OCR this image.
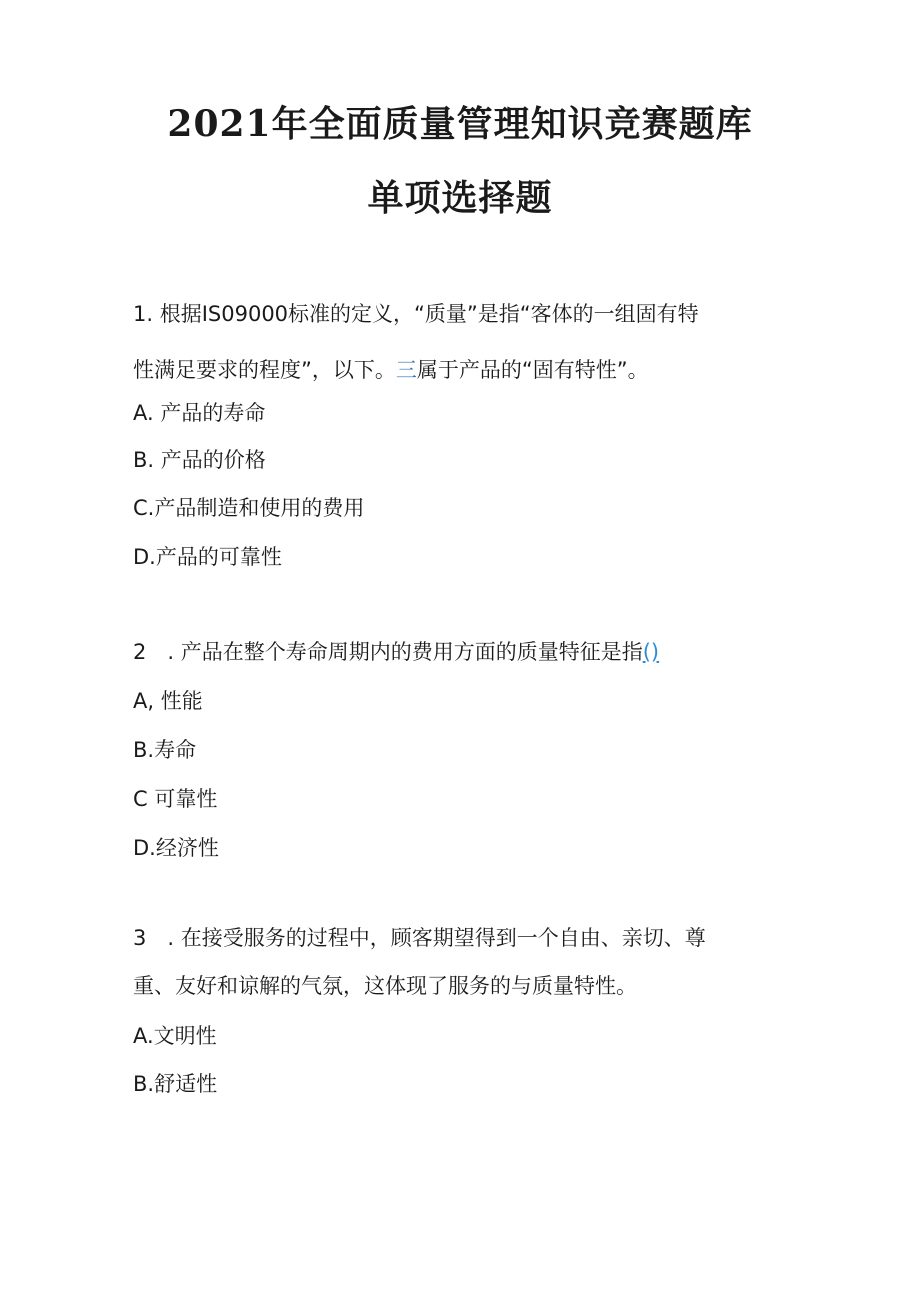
2021年全面质量管理知识竞赛题库
单项选择题
1. 根据IS09000标准的定义，“质量”是指“客体的一组固有特
性满足要求的程度”，以下。三属于产品的“固有特性”。
A. 产品的寿命
B. 产品的价格
C.产品制造和使用的费用
D.产品的可靠性
2　. 产品在整个寿命周期内的费用方面的质量特征是指()
A, 性能
B.寿命
C 可靠性
D.经济性
3　. 在接受服务的过程中，顾客期望得到一个自由、亲切、尊
重、友好和谅解的气氛，这体现了服务的与质量特性。
A.文明性
B.舒适性
